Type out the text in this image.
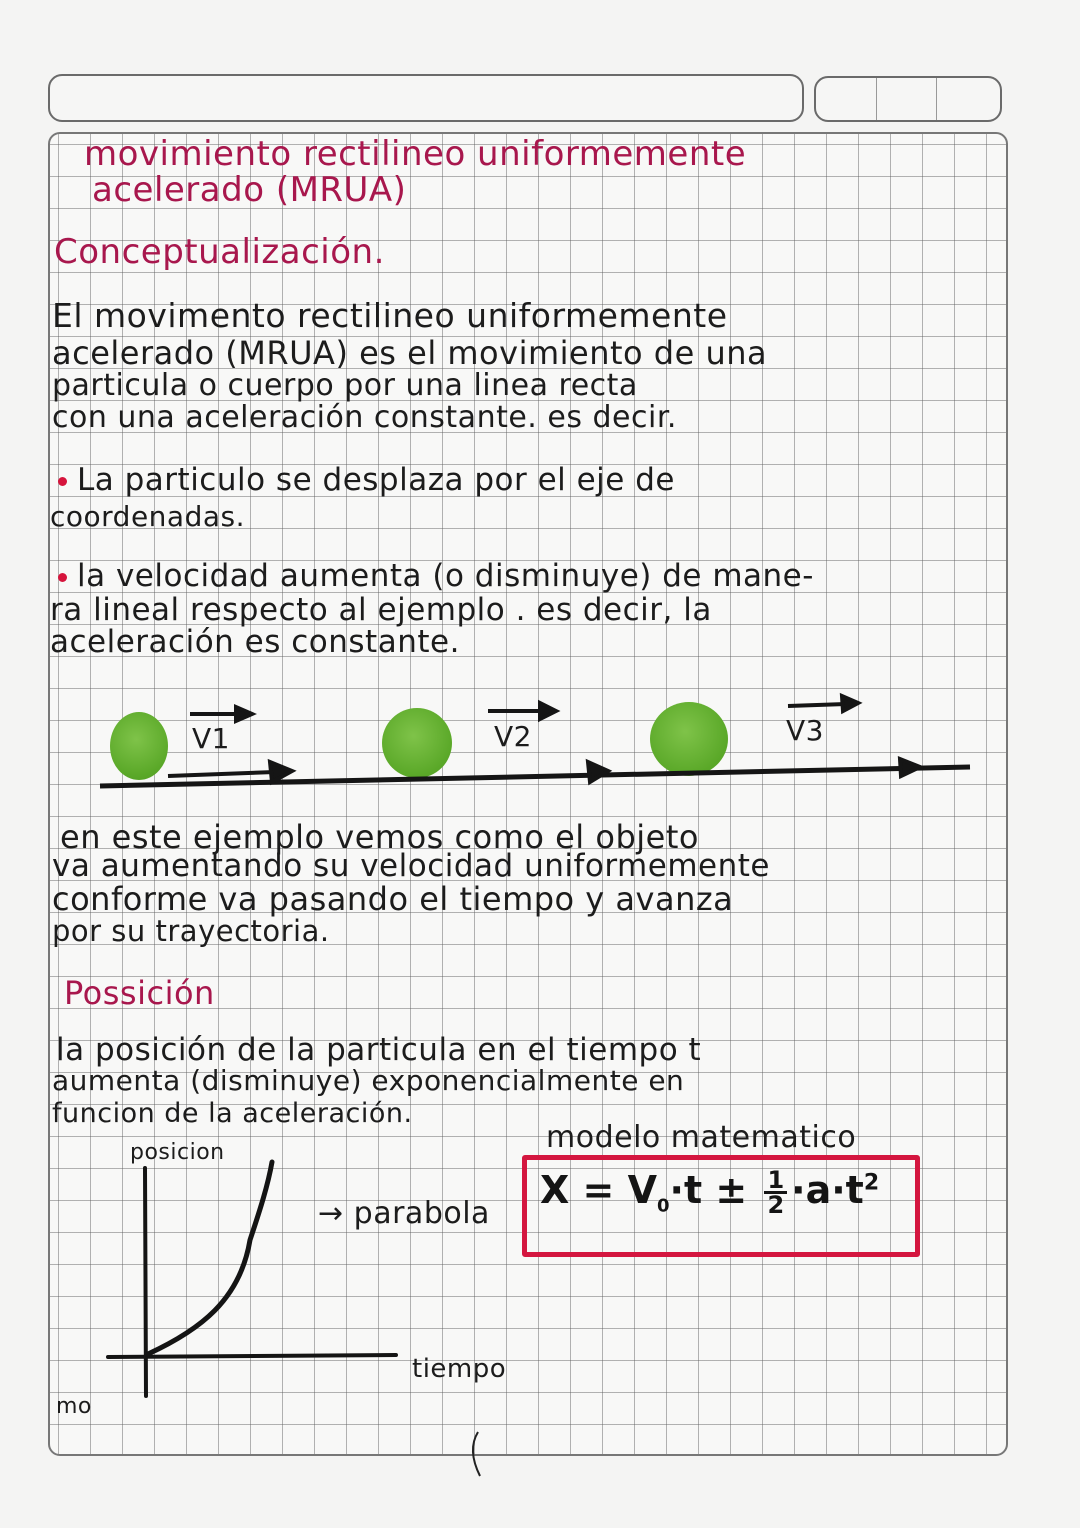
movimiento rectilineo uniformemente
acelerado (MRUA)
Conceptualización.
El movimento rectilineo uniformemente
acelerado (MRUA) es el movimiento de una
particula o cuerpo por una linea recta
con una aceleración constante. es decir.
La particulo se desplaza por el eje de
coordenadas.
la velocidad aumenta (o disminuye) de mane-
ra lineal respecto al ejemplo . es decir, la
aceleración es constante.
V1	V2	V3
en este ejemplo vemos como el objeto
va aumentando su velocidad uniformemente
conforme va pasando el tiempo y avanza
por su trayectoria.
Possición
la posición de la particula en el tiempo t
aumenta (disminuye) exponencialmente en
funcion de la aceleración.
modelo matematico
posicion
tiempo
→ parabola
$X = V_0\cdot t \pm \frac{1}{2} \cdot a\cdot t^2$
mo
